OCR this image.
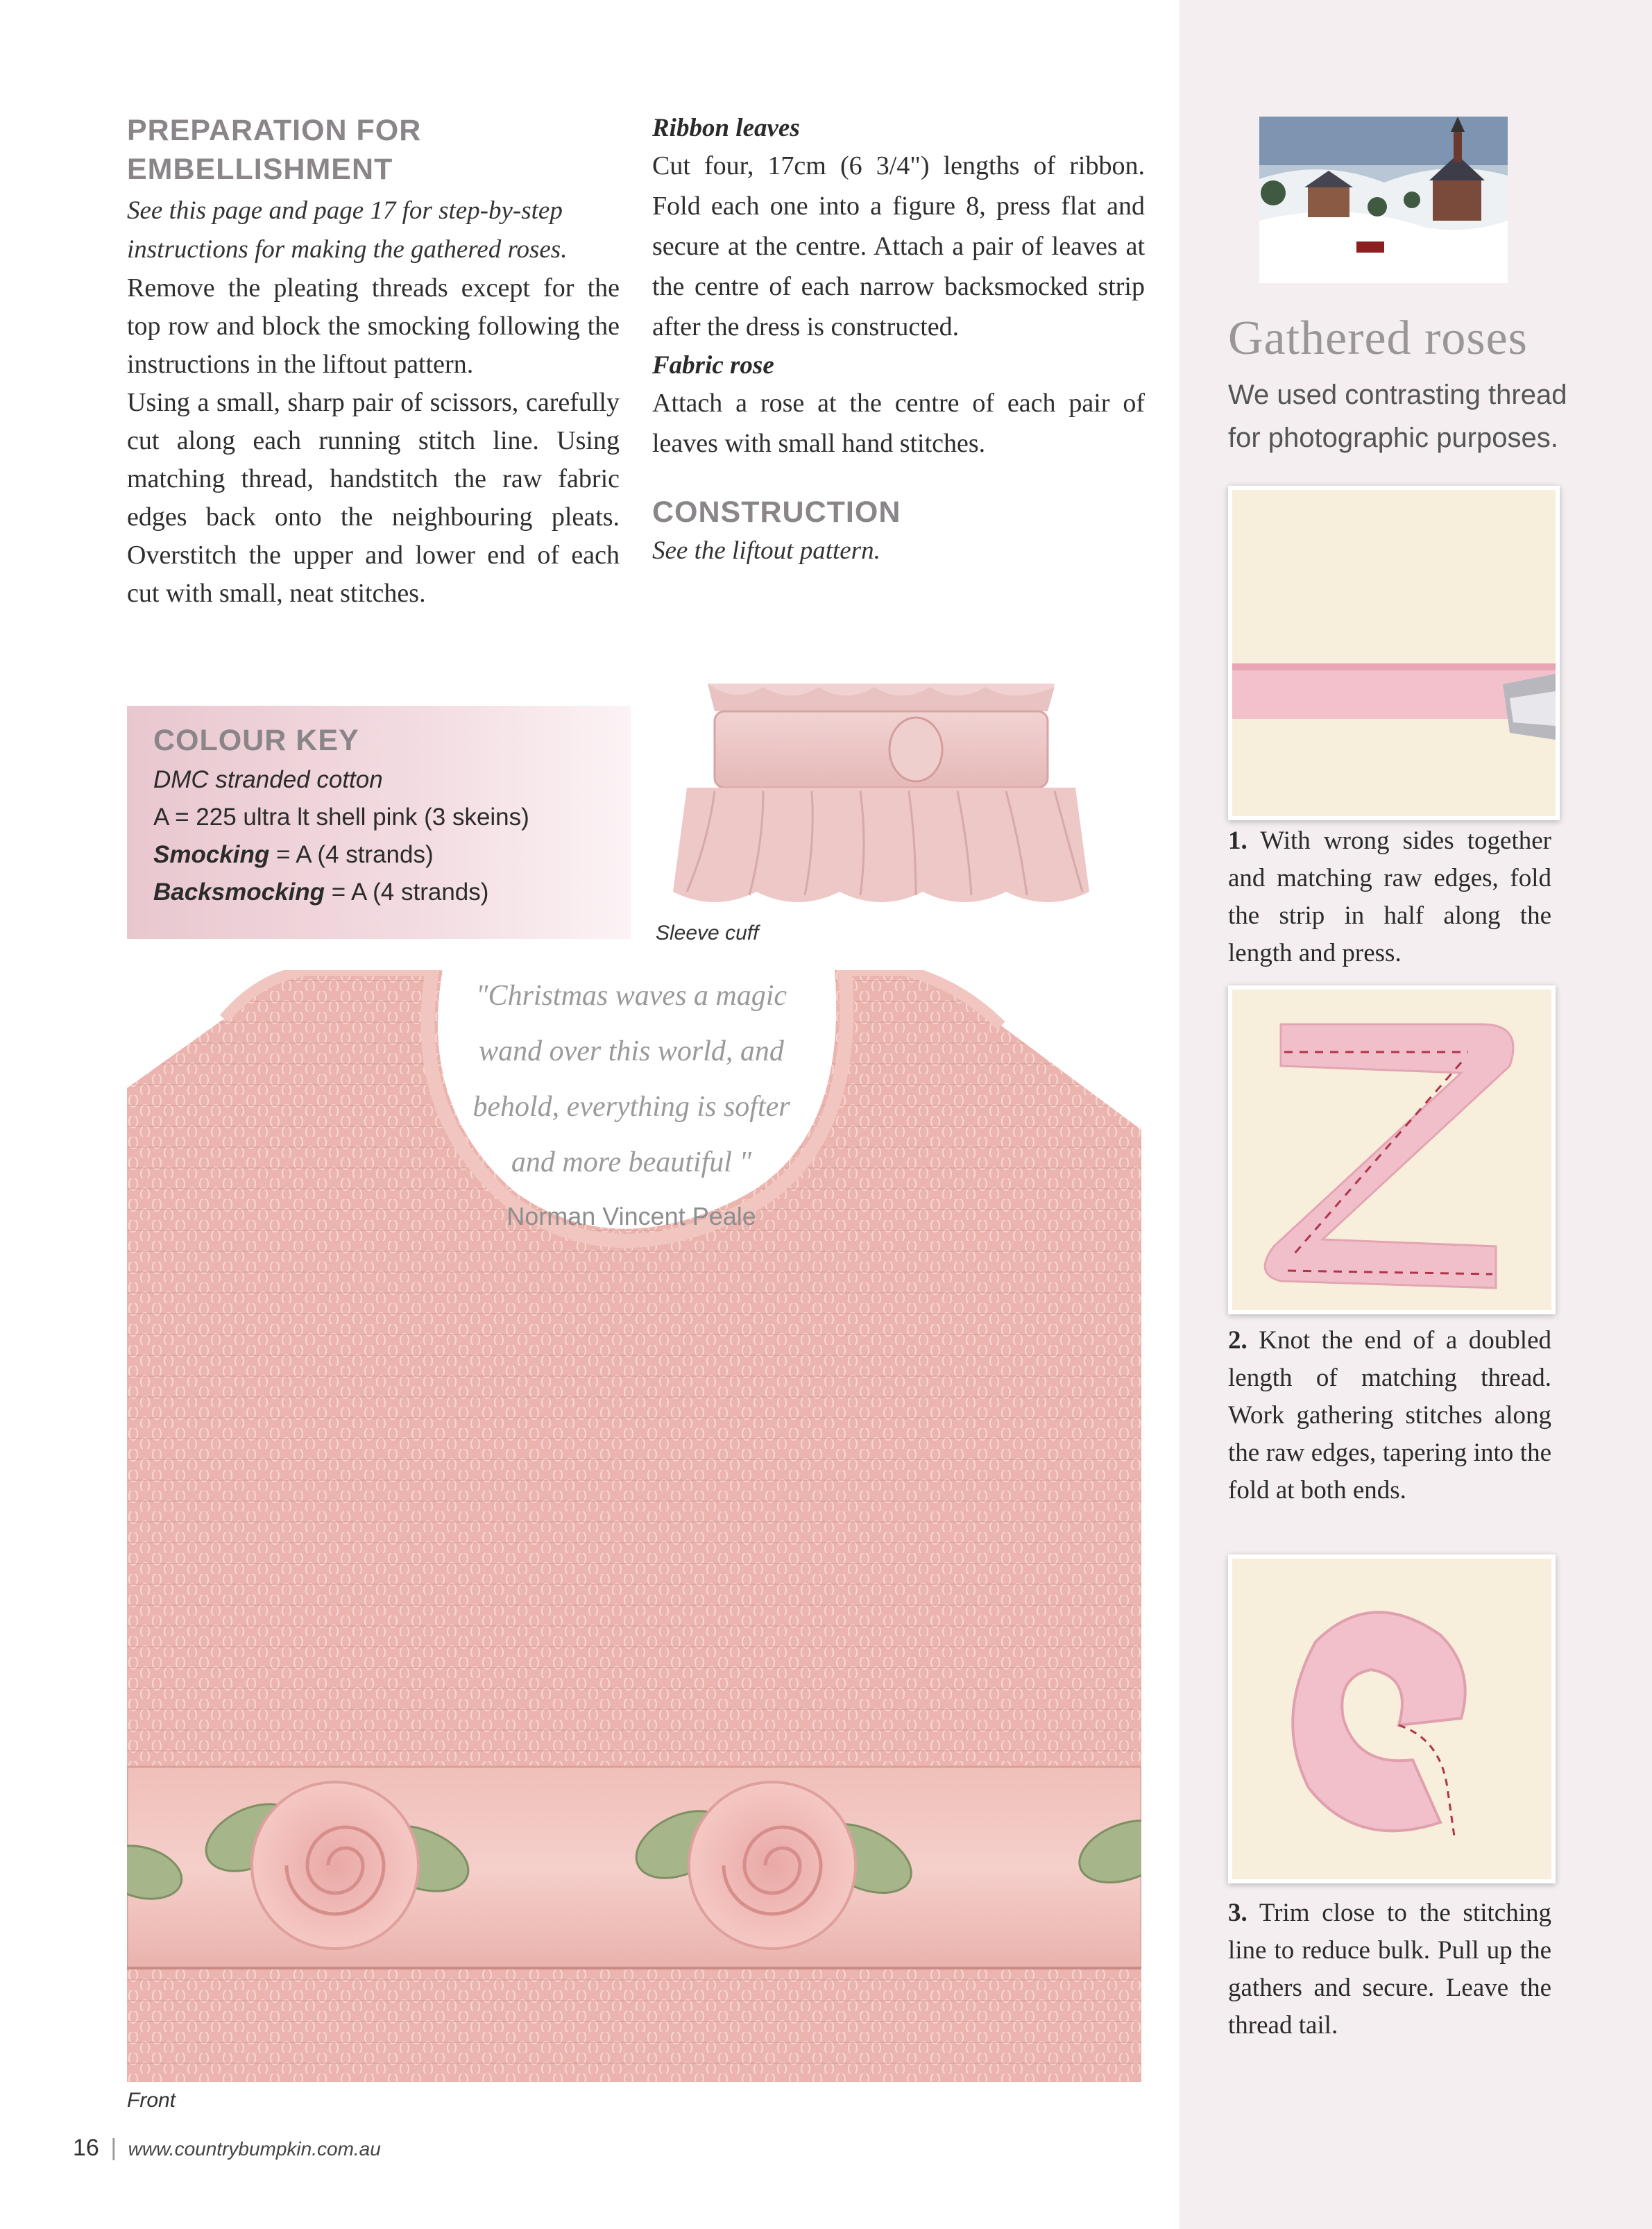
PREPARATION FOR EMBELLISHMENT
See this page and page 17 for step-by-step instructions for making the gathered roses.
Remove the pleating threads except for the top row and block the smocking following the instructions in the liftout pattern.
Using a small, sharp pair of scissors, carefully cut along each running stitch line. Using matching thread, handstitch the raw fabric edges back onto the neighbouring pleats. Overstitch the upper and lower end of each cut with small, neat stitches.
Ribbon leaves
Cut four, 17cm (6 3/4") lengths of ribbon. Fold each one into a figure 8, press flat and secure at the centre. Attach a pair of leaves at the centre of each narrow backsmocked strip after the dress is constructed.
Fabric rose
Attach a rose at the centre of each pair of leaves with small hand stitches.
CONSTRUCTION
See the liftout pattern.
COLOUR KEY
DMC stranded cotton
A = 225 ultra lt shell pink (3 skeins)
Smocking = A (4 strands)
Backsmocking = A (4 strands)
Sleeve cuff
"Christmas waves a magic
wand over this world, and
behold, everything is softer
and more beautiful "
Norman Vincent Peale
Front
16 | www.countrybumpkin.com.au
Gathered roses
We used contrasting thread for photographic purposes.
1. With wrong sides together and matching raw edges, fold the strip in half along the length and press.
2. Knot the end of a doubled length of matching thread. Work gathering stitches along the raw edges, tapering into the fold at both ends.
3. Trim close to the stitching line to reduce bulk. Pull up the gathers and secure. Leave the thread tail.
